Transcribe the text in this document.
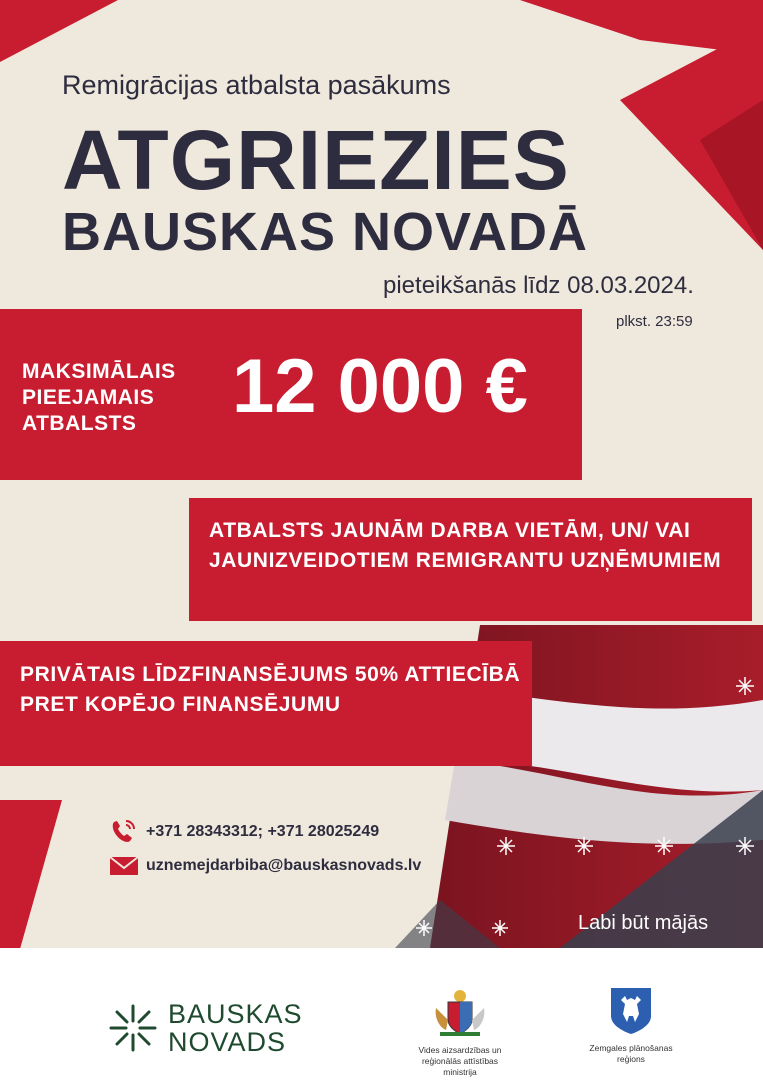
Remigrācijas atbalsta pasākums
ATGRIEZIES
BAUSKAS NOVADĀ
pieteikšanās līdz 08.03.2024.
plkst. 23:59
MAKSIMĀLAIS
PIEEJAMAIS
ATBALSTS	12 000 €
ATBALSTS JAUNĀM DARBA VIETĀM, UN/ VAI JAUNIZVEIDOTIEM REMIGRANTU UZŅĒMUMIEM
PRIVĀTAIS LĪDZFINANSĒJUMS 50% ATTIECĪBĀ PRET KOPĒJO FINANSĒJUMU
+371 28343312; +371 28025249
uznemejdarbiba@bauskasnovads.lv
Labi būt mājās
BAUSKAS
NOVADS	Vides aizsardzības un
reģionālās attīstības
ministrija
Zemgales plānošanas
reģions
